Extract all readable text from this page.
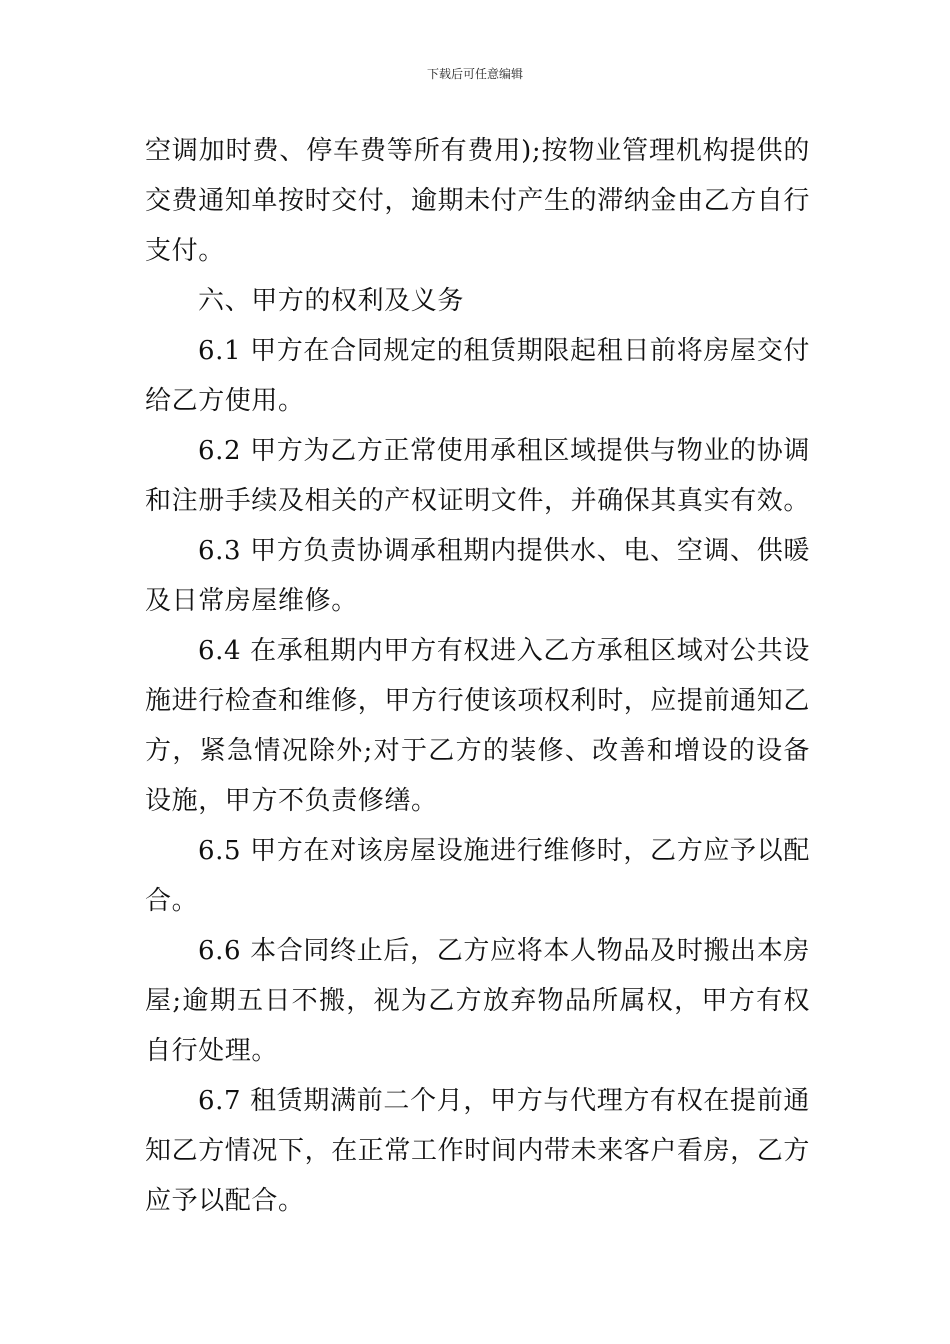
下载后可任意编辑

空调加时费、停车费等所有费用);按物业管理机构提供的交费通知单按时交付，逾期未付产生的滞纳金由乙方自行支付。

六、甲方的权利及义务

6.1 甲方在合同规定的租赁期限起租日前将房屋交付给乙方使用。

6.2 甲方为乙方正常使用承租区域提供与物业的协调和注册手续及相关的产权证明文件，并确保其真实有效。

6.3 甲方负责协调承租期内提供水、电、空调、供暖及日常房屋维修。

6.4 在承租期内甲方有权进入乙方承租区域对公共设施进行检查和维修，甲方行使该项权利时，应提前通知乙方，紧急情况除外;对于乙方的装修、改善和增设的设备设施，甲方不负责修缮。

6.5 甲方在对该房屋设施进行维修时，乙方应予以配合。

6.6 本合同终止后，乙方应将本人物品及时搬出本房屋;逾期五日不搬，视为乙方放弃物品所属权，甲方有权自行处理。

6.7 租赁期满前二个月，甲方与代理方有权在提前通知乙方情况下，在正常工作时间内带未来客户看房，乙方应予以配合。
